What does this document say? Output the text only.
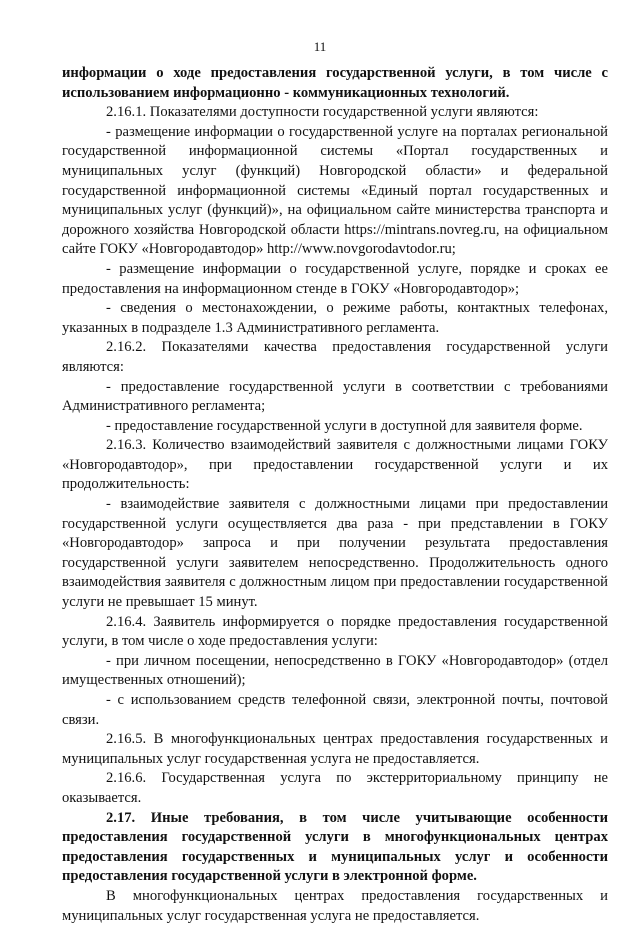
11

информации о ходе предоставления государственной услуги, в том числе с использованием информационно - коммуникационных технологий.

2.16.1. Показателями доступности государственной услуги являются:

- размещение информации о государственной услуге на порталах региональной государственной информационной системы «Портал государственных и муниципальных услуг (функций) Новгородской области» и федеральной государственной информационной системы «Единый портал государственных и муниципальных услуг (функций)», на официальном сайте министерства транспорта и дорожного хозяйства Новгородской области https://mintrans.novreg.ru, на официальном сайте ГОКУ «Новгородавтодор» http://www.novgorodavtodor.ru;

- размещение информации о государственной услуге, порядке и сроках ее предоставления на информационном стенде в ГОКУ «Новгородавтодор»;

- сведения о местонахождении, о режиме работы, контактных телефонах, указанных в подразделе 1.3 Административного регламента.

2.16.2. Показателями качества предоставления государственной услуги являются:

- предоставление государственной услуги в соответствии с требованиями Административного регламента;

- предоставление государственной услуги в доступной для заявителя форме.

2.16.3. Количество взаимодействий заявителя с должностными лицами ГОКУ «Новгородавтодор», при предоставлении государственной услуги и их продолжительность:

- взаимодействие заявителя с должностными лицами при предоставлении государственной услуги осуществляется два раза - при представлении в ГОКУ «Новгородавтодор» запроса и при получении результата предоставления государственной услуги заявителем непосредственно. Продолжительность одного взаимодействия заявителя с должностным лицом при предоставлении государственной услуги не превышает 15 минут.

2.16.4. Заявитель информируется о порядке предоставления государственной услуги, в том числе о ходе предоставления услуги:

- при личном посещении, непосредственно в ГОКУ «Новгородавтодор» (отдел имущественных отношений);

- с использованием средств телефонной связи, электронной почты, почтовой связи.

2.16.5. В многофункциональных центрах предоставления государственных и муниципальных услуг государственная услуга не предоставляется.

2.16.6. Государственная услуга по экстерриториальному принципу не оказывается.

2.17. Иные требования, в том числе учитывающие особенности предоставления государственной услуги в многофункциональных центрах предоставления государственных и муниципальных услуг и особенности предоставления государственной услуги в электронной форме.

В многофункциональных центрах предоставления государственных и муниципальных услуг государственная услуга не предоставляется.
